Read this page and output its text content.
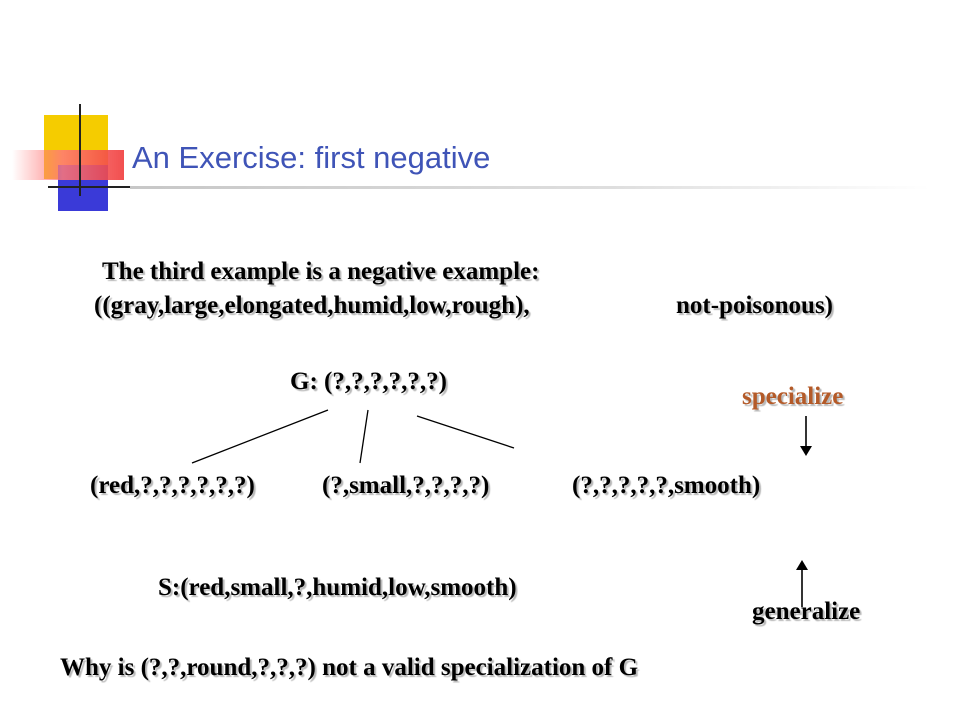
An Exercise: first negative
The third example is a negative example:
((gray,large,elongated,humid,low,rough),	not-poisonous)
G: (?,?,?,?,?,?)
specialize
(red,?,?,?,?,?,?)	(?,small,?,?,?,?)	(?,?,?,?,?,smooth)
S:(red,small,?,humid,low,smooth)
generalize
Why is (?,?,round,?,?,?) not a valid specialization of G
